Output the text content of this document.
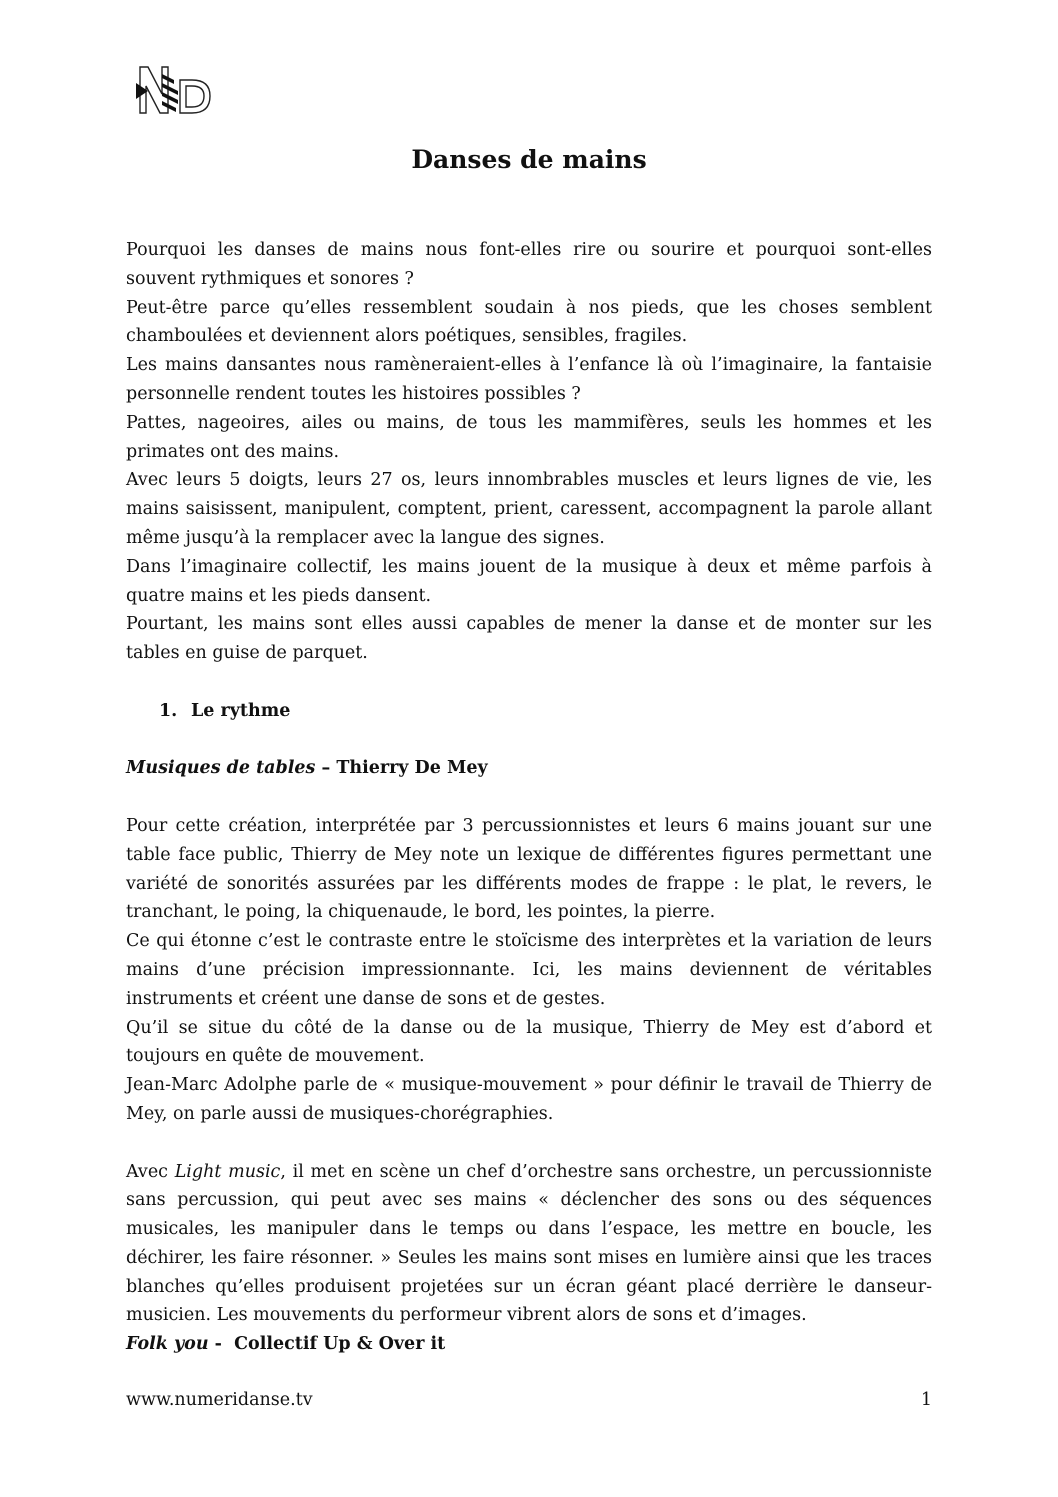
Danses de mains

Pourquoi les danses de mains nous font-elles rire ou sourire et pourquoi sont-elles souvent rythmiques et sonores ?

Peut-être parce qu’elles ressemblent soudain à nos pieds, que les choses semblent chamboulées et deviennent alors poétiques, sensibles, fragiles.

Les mains dansantes nous ramèneraient-elles à l’enfance là où l’imaginaire, la fantaisie personnelle rendent toutes les histoires possibles ?

Pattes, nageoires, ailes ou mains, de tous les mammifères, seuls les hommes et les primates ont des mains.

Avec leurs 5 doigts, leurs 27 os, leurs innombrables muscles et leurs lignes de vie, les mains saisissent, manipulent, comptent, prient, caressent, accompagnent la parole allant même jusqu’à la remplacer avec la langue des signes.

Dans l’imaginaire collectif, les mains jouent de la musique à deux et même parfois à quatre mains et les pieds dansent.

Pourtant, les mains sont elles aussi capables de mener la danse et de monter sur les tables en guise de parquet.

1. Le rythme

Musiques de tables – Thierry De Mey

Pour cette création, interprétée par 3 percussionnistes et leurs 6 mains jouant sur une table face public, Thierry de Mey note un lexique de différentes figures permettant une variété de sonorités assurées par les différents modes de frappe : le plat, le revers, le tranchant, le poing, la chiquenaude, le bord, les pointes, la pierre.

Ce qui étonne c’est le contraste entre le stoïcisme des interprètes et la variation de leurs mains d’une précision impressionnante. Ici, les mains deviennent de véritables instruments et créent une danse de sons et de gestes.

Qu’il se situe du côté de la danse ou de la musique, Thierry de Mey est d’abord et toujours en quête de mouvement.

Jean-Marc Adolphe parle de « musique-mouvement » pour définir le travail de Thierry de Mey, on parle aussi de musiques-chorégraphies.

Avec Light music, il met en scène un chef d’orchestre sans orchestre, un percussionniste sans percussion, qui peut avec ses mains « déclencher des sons ou des séquences musicales, les manipuler dans le temps ou dans l’espace, les mettre en boucle, les déchirer, les faire résonner. » Seules les mains sont mises en lumière ainsi que les traces blanches qu’elles produisent projetées sur un écran géant placé derrière le danseur-musicien. Les mouvements du performeur vibrent alors de sons et d’images.

Folk you -  Collectif Up & Over it

www.numeridanse.tv	1
